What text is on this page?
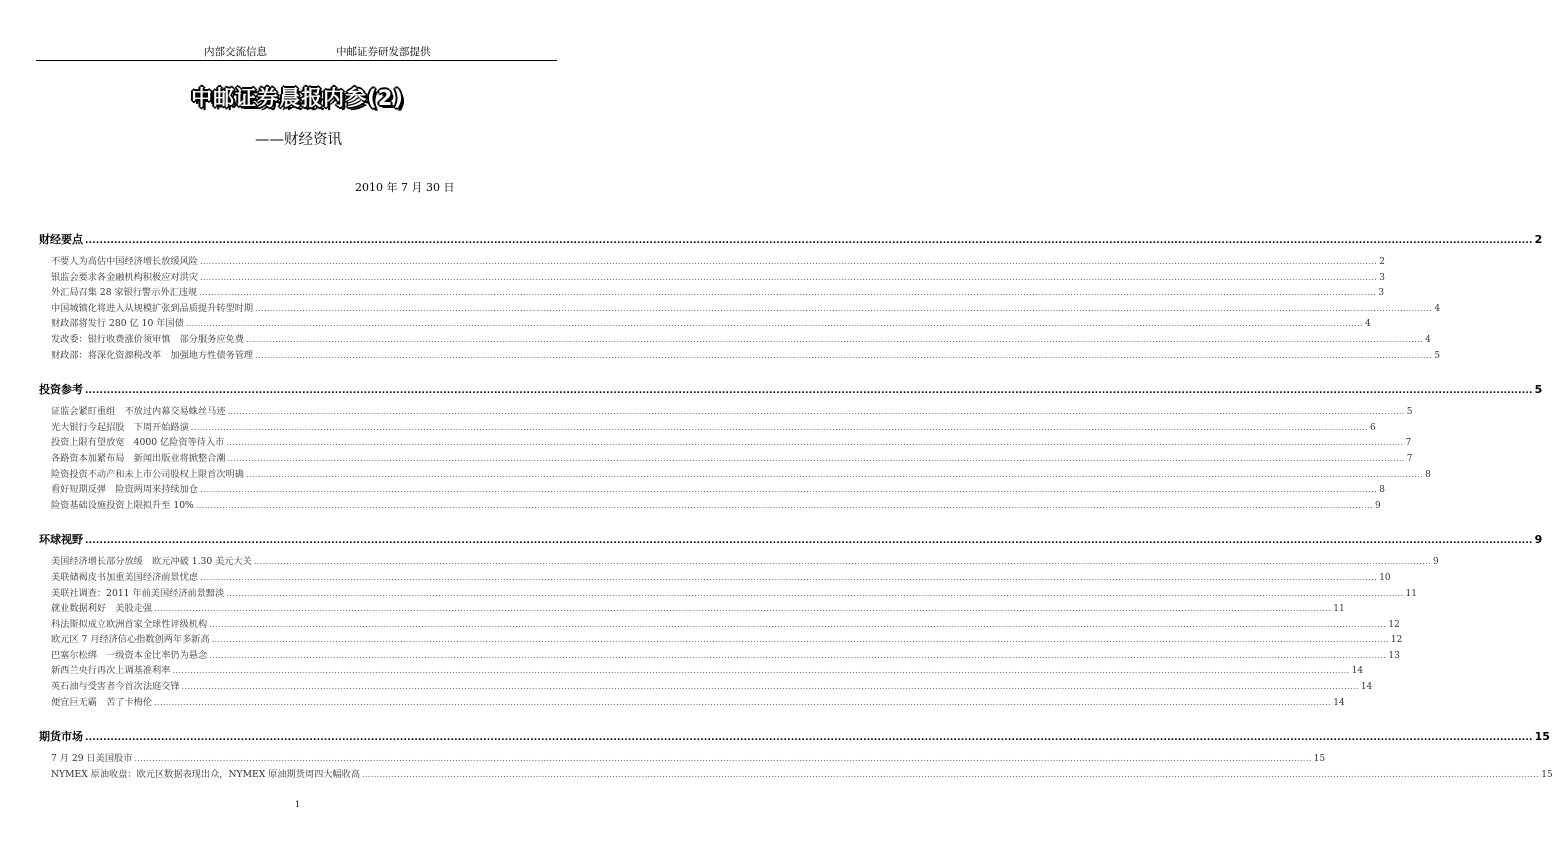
内部交流信息	中邮证券研发部提供
中邮证券晨报内参(2)
——财经资讯
2010 年 7 月 30 日
财经要点 ................................................................................................................................................................................................................................................................................................................................................................................................................ 2
不要人为高估中国经济增长放缓风险 ................................................................................................................................................................................................................................................................................................................................................................................................................ 2
银监会要求各金融机构积极应对洪灾 ................................................................................................................................................................................................................................................................................................................................................................................................................ 3
外汇局召集 28 家银行警示外汇违规 ................................................................................................................................................................................................................................................................................................................................................................................................................ 3
中国城镇化将进入从规模扩张到品质提升转型时期 ................................................................................................................................................................................................................................................................................................................................................................................................................ 4
财政部将发行 280 亿 10 年国债 ................................................................................................................................................................................................................................................................................................................................................................................................................ 4
发改委：银行收费涨价须审慎　部分服务应免费 ................................................................................................................................................................................................................................................................................................................................................................................................................ 4
财政部：将深化资源税改革　加强地方性债务管理 ................................................................................................................................................................................................................................................................................................................................................................................................................ 5
投资参考 ................................................................................................................................................................................................................................................................................................................................................................................................................ 5
证监会紧盯重组　不放过内幕交易蛛丝马迹 ................................................................................................................................................................................................................................................................................................................................................................................................................ 5
光大银行今起招股　下周开始路演 ................................................................................................................................................................................................................................................................................................................................................................................................................ 6
投资上限有望放宽　4000 亿险资等待入市 ................................................................................................................................................................................................................................................................................................................................................................................................................ 7
各路资本加紧布局　新闻出版业将掀整合潮 ................................................................................................................................................................................................................................................................................................................................................................................................................ 7
险资投资不动产和未上市公司股权上限首次明确 ................................................................................................................................................................................................................................................................................................................................................................................................................ 8
看好短期反弹　险资两周来持续加仓 ................................................................................................................................................................................................................................................................................................................................................................................................................ 8
险资基础设施投资上限拟升至 10% ................................................................................................................................................................................................................................................................................................................................................................................................................ 9
环球视野 ................................................................................................................................................................................................................................................................................................................................................................................................................ 9
美国经济增长部分放缓　欧元冲破 1.30 美元大关 ................................................................................................................................................................................................................................................................................................................................................................................................................ 9
美联储褐皮书加重美国经济前景忧虑 ................................................................................................................................................................................................................................................................................................................................................................................................................ 10
美联社调查：2011 年前美国经济前景黯淡 ................................................................................................................................................................................................................................................................................................................................................................................................................ 11
就业数据利好　美股走强 ................................................................................................................................................................................................................................................................................................................................................................................................................ 11
科法斯拟成立欧洲首家全球性评级机构 ................................................................................................................................................................................................................................................................................................................................................................................................................ 12
欧元区 7 月经济信心指数创两年多新高 ................................................................................................................................................................................................................................................................................................................................................................................................................ 12
巴塞尔松绑　一级资本金比率仍为悬念 ................................................................................................................................................................................................................................................................................................................................................................................................................ 13
新西兰央行再次上调基准利率 ................................................................................................................................................................................................................................................................................................................................................................................................................ 14
英石油与受害者今首次法庭交锋 ................................................................................................................................................................................................................................................................................................................................................................................................................ 14
便宜巨无霸　苦了卡梅伦 ................................................................................................................................................................................................................................................................................................................................................................................................................ 14
期货市场 ................................................................................................................................................................................................................................................................................................................................................................................................................ 15
7 月 29 日美国股市 ................................................................................................................................................................................................................................................................................................................................................................................................................ 15
NYMEX 原油收盘：欧元区数据表现出众，NYMEX 原油期货周四大幅收高 ................................................................................................................................................................................................................................................................................................................................................................................................................ 15
1
